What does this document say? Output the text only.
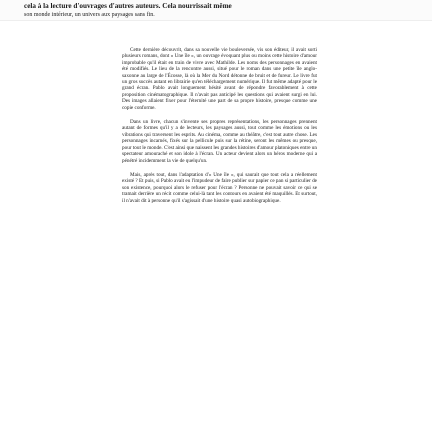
cela à la lecture d'ouvrages d'autres auteurs. Cela nourrissait même
son monde intérieur, un univers aux paysages sans fin.

Cette dernière découvrit, dans sa nouvelle vie bouleversée, vis son éditeur, il avait sorti plusieurs romans, dont « Une île », un ouvrage évoquant plus ou moins cette histoire d'amour improbable qu'il était en train de vivre avec Mathilde. Les noms des personnages en avaient été modifiés. Le lieu de la rencontre aussi, situé pour le roman dans une petite île anglo-saxonne au large de l'Écosse, là où la Mer du Nord détonne de bruit et de fureur. Le livre fut un gros succès autant en librairie qu'en téléchargement numérique. Il fut même adapté pour le grand écran. Pablo avait longuement hésité avant de répondre favorablement à cette proposition cinématographique. Il n'avait pas anticipé les questions qui avaient surgi en lui. Des images allaient fixer pour l'éternité une part de sa propre histoire, presque comme une copie conforme.

Dans un livre, chacun s'invente ses propres représentations, les personnages prennent autant de formes qu'il y a de lecteurs, les paysages aussi, tout comme les émotions ou les vibrations qui traversent les esprits. Au cinéma, comme au théâtre, c'est tout autre chose. Les personnages incarnés, fixés sur la pellicule puis sur la rétine, seront les mêmes ou presque, pour tout le monde. C'est ainsi que naissent les grandes histoires d'amour platoniques entre un spectateur amouraché et son idole à l'écran. Un acteur devient alors un héros moderne qui a pénétré incidemment la vie de quelqu'un.

Mais, après tout, dans l'adaptation d'« Une île », qui saurait que tout cela a réellement existé ? Et puis, si Pablo avait eu l'impudeur de faire publier sur papier ce pan si particulier de son existence, pourquoi alors le refuser pour l'écran ? Personne ne pouvait savoir ce qui se tramait derrière un récit comme celui-là tant les contours en avaient été maquillés. Et surtout, il n'avait dit à personne qu'il s'agissait d'une histoire quasi autobiographique.
